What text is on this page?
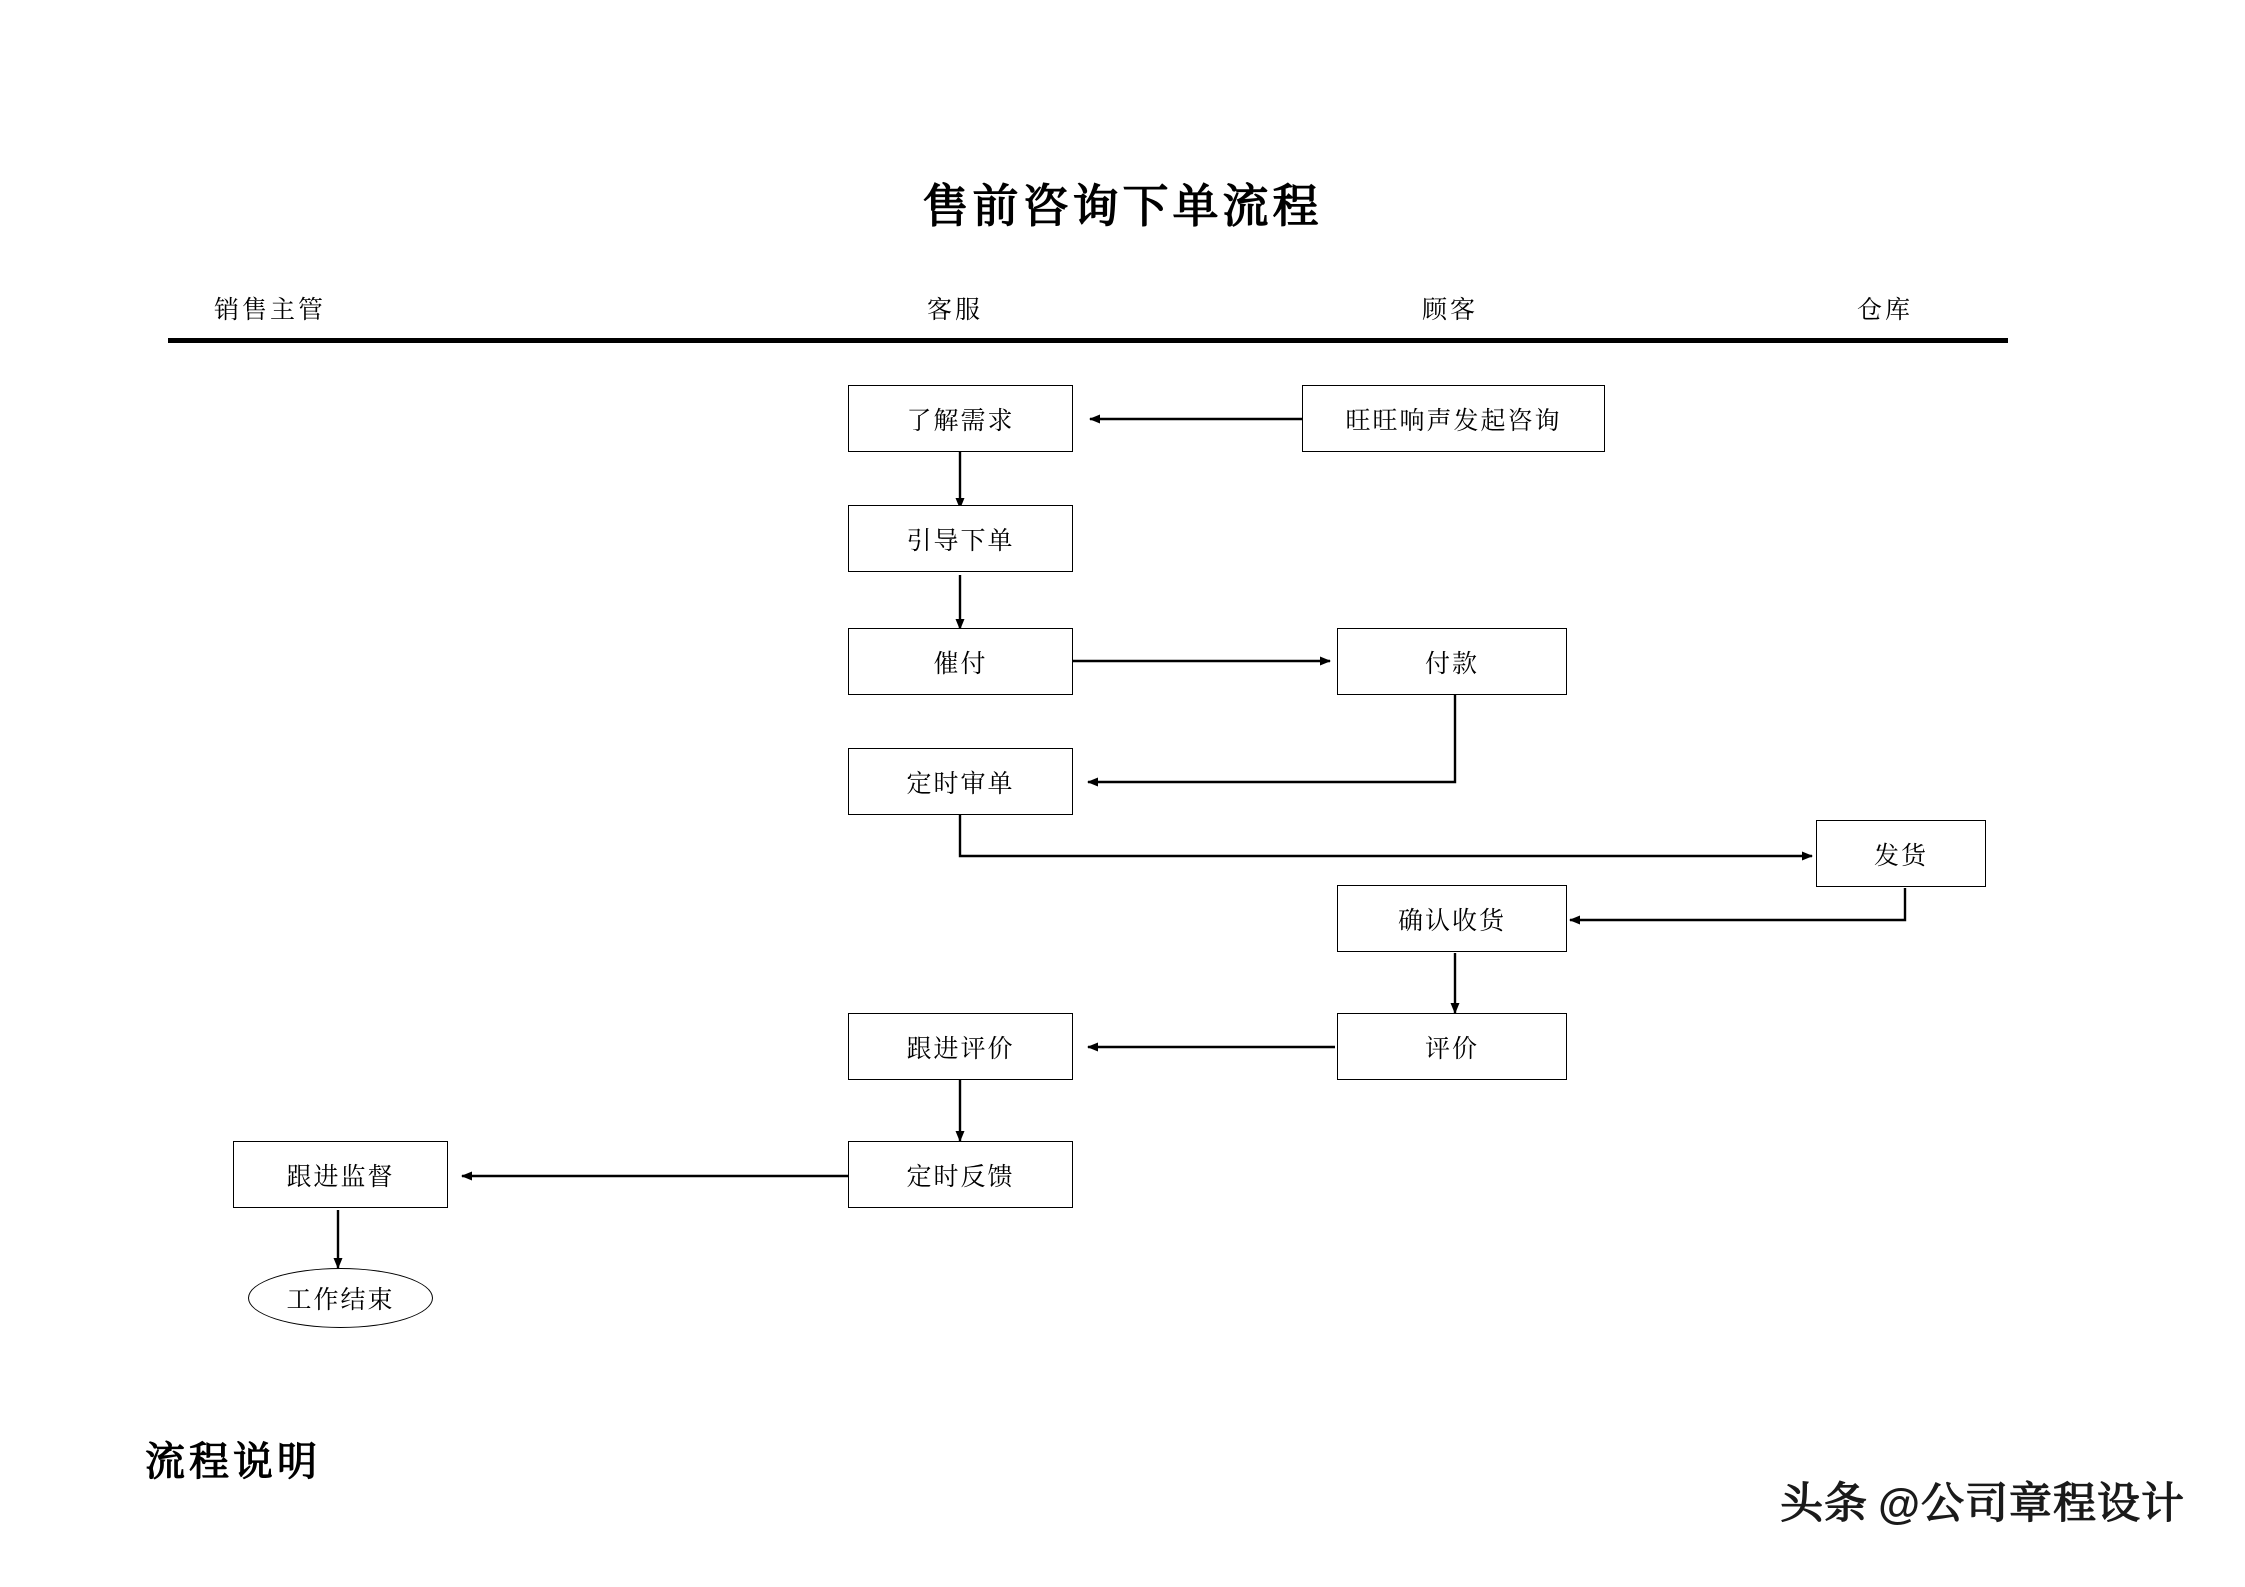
售前咨询下单流程
销售主管	客服	顾客	仓库
了解需求	旺旺响声发起咨询
引导下单
催付	付款
定时审单
发货
确认收货
评价
跟进评价
定时反馈
跟进监督
工作结束
流程说明
头条 @公司章程设计
